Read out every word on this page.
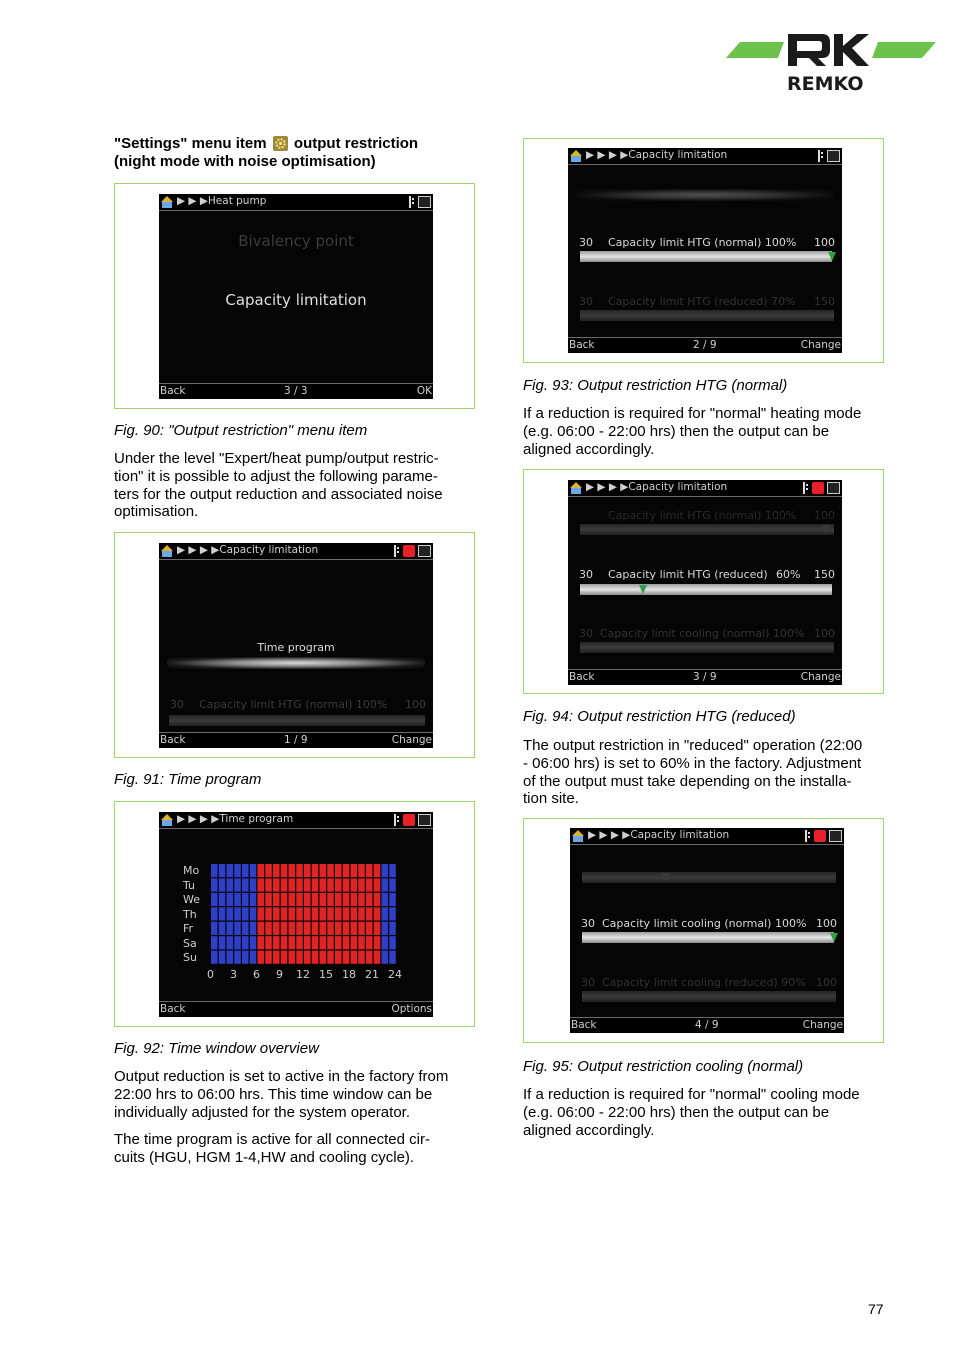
REMKO
"Settings" menu item output restriction
(night mode with noise optimisation)
▶ ▶ ▶Heat pump
Bivalency point
Capacity limitation
Back	3 / 3	OK
Fig. 90: "Output restriction" menu item
Under the level "Expert/heat pump/output restric-
tion" it is possible to adjust the following parame-
ters for the output reduction and associated noise
optimisation.
▶ ▶ ▶ ▶Capacity limitation
Time program
30 Capacity limit HTG (normal) 100% 100
Back	1 / 9	Change
Fig. 91: Time program
▶ ▶ ▶ ▶Time program
Mo
Tu
We
Th
Fr
Sa
Su
0 3 6 9 12 15 18 21 24
Back	Options
Fig. 92: Time window overview
Output reduction is set to active in the factory from
22:00 hrs to 06:00 hrs. This time window can be
individually adjusted for the system operator.
The time program is active for all connected cir-
cuits (HGU, HGM 1-4,HW and cooling cycle).
▶ ▶ ▶ ▶Capacity limitation
30 Capacity limit HTG (normal) 100% 100
30 Capacity limit HTG (reduced) 70% 150
Back	2 / 9	Change
Fig. 93: Output restriction HTG (normal)
If a reduction is required for "normal" heating mode
(e.g. 06:00 - 22:00 hrs) then the output can be
aligned accordingly.
▶ ▶ ▶ ▶Capacity limitation
Capacity limit HTG (normal) 100% 100
30 Capacity limit HTG (reduced) 60% 150
30 Capacity limit cooling (normal) 100% 100
Back	3 / 9	Change
Fig. 94: Output restriction HTG (reduced)
The output restriction in "reduced" operation (22:00
- 06:00 hrs) is set to 60% in the factory. Adjustment
of the output must take depending on the installa-
tion site.
▶ ▶ ▶ ▶Capacity limitation
30 Capacity limit cooling (normal) 100% 100
30 Capacity limit cooling (reduced) 90% 100
Back	4 / 9	Change
Fig. 95: Output restriction cooling (normal)
If a reduction is required for "normal" cooling mode
(e.g. 06:00 - 22:00 hrs) then the output can be
aligned accordingly.
77
